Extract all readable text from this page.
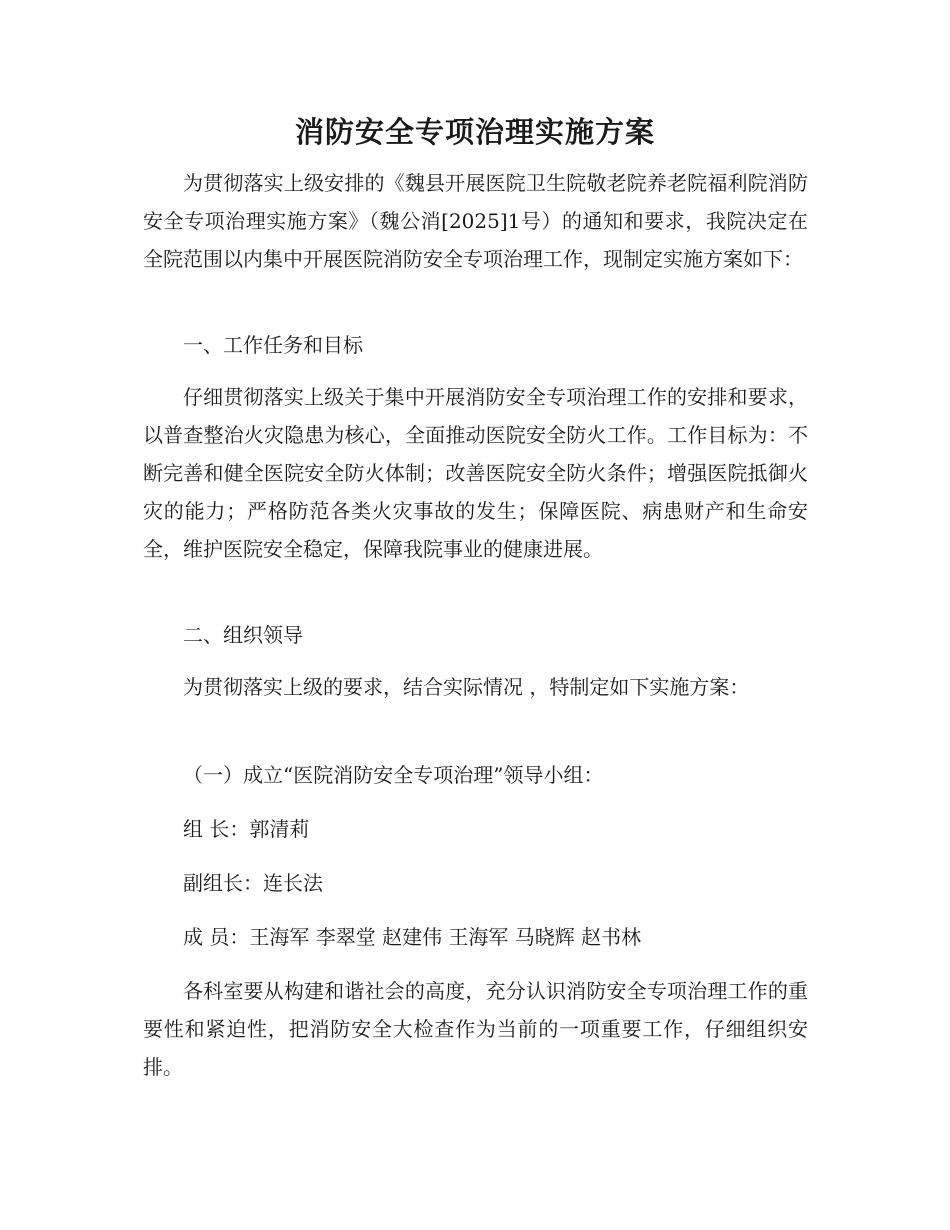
消防安全专项治理实施方案

为贯彻落实上级安排的《魏县开展医院卫生院敬老院养老院福利院消防安全专项治理实施方案》（魏公消[2025]1号）的通知和要求，我院决定在全院范围以内集中开展医院消防安全专项治理工作，现制定实施方案如下：

一、工作任务和目标

仔细贯彻落实上级关于集中开展消防安全专项治理工作的安排和要求，以普查整治火灾隐患为核心，全面推动医院安全防火工作。工作目标为：不断完善和健全医院安全防火体制；改善医院安全防火条件；增强医院抵御火灾的能力；严格防范各类火灾事故的发生；保障医院、病患财产和生命安全，维护医院安全稳定，保障我院事业的健康进展。

二、组织领导

为贯彻落实上级的要求，结合实际情况 ，特制定如下实施方案：

（一）成立“医院消防安全专项治理”领导小组：

组 长：郭清莉

副组长：连长法

成 员：王海军 李翠堂 赵建伟 王海军 马晓辉 赵书林

各科室要从构建和谐社会的高度，充分认识消防安全专项治理工作的重要性和紧迫性，把消防安全大检查作为当前的一项重要工作，仔细组织安排。
